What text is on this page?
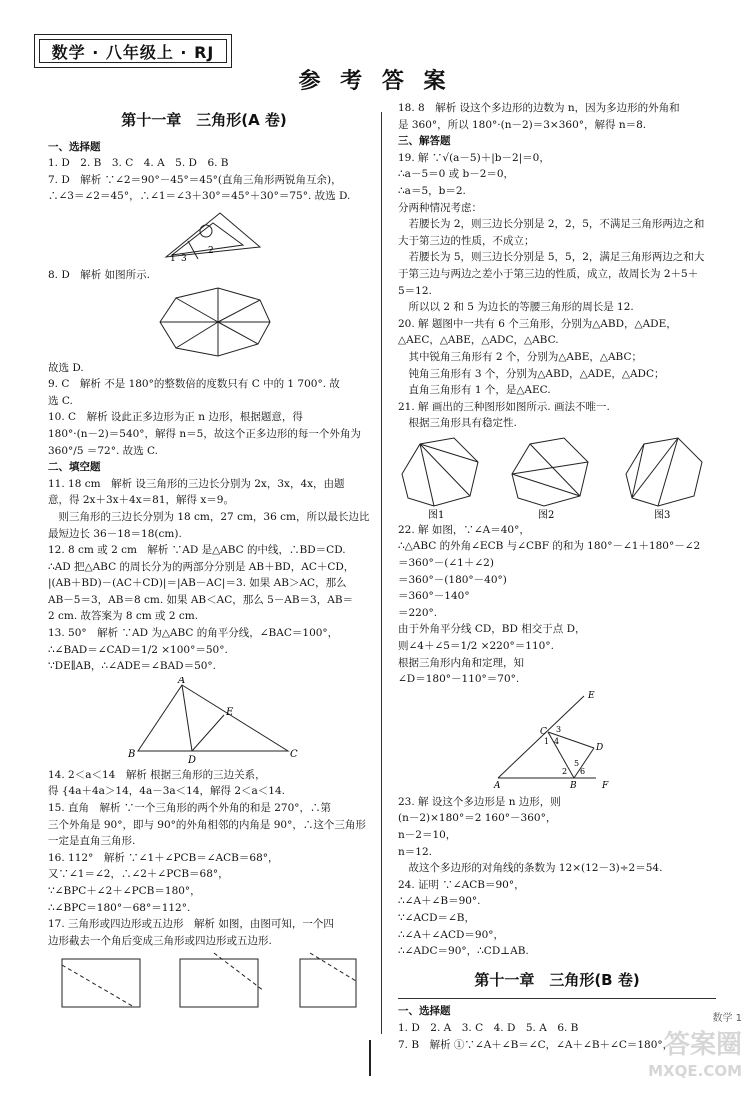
数学 · 八年级上 · RJ
参 考 答 案

第十一章　三角形(A 卷)

一、选择题

1. D　2. B　3. C　4. A　5. D　6. B

7. D　解析 ∵∠2＝90°－45°＝45°(直角三角形两锐角互余)，

∴∠3＝∠2＝45°，∴∠1＝∠3＋30°＝45°＋30°＝75°. 故选 D.

1 3
2

8. D　解析 如图所示.

故选 D.

9. C　解析 不是 180°的整数倍的度数只有 C 中的 1 700°. 故

选 C.

10. C　解析 设此正多边形为正 n 边形，根据题意，得

180°·(n－2)＝540°，解得 n＝5，故这个正多边形的每一个外角为

360°/5 ＝72°. 故选 C.

二、填空题

11. 18 cm　解析 设三角形的三边长分别为 2x，3x，4x，由题

意，得 2x＋3x＋4x＝81，解得 x＝9。

　则三角形的三边长分别为 18 cm，27 cm，36 cm，所以最长边比

最短边长 36－18＝18(cm).

12. 8 cm 或 2 cm　解析 ∵AD 是△ABC 的中线，∴BD＝CD.

∴AD 把△ABC 的周长分为的两部分分别是 AB＋BD，AC＋CD，

|(AB＋BD)－(AC＋CD)|＝|AB－AC|＝3. 如果 AB＞AC，那么

AB－5＝3，AB＝8 cm. 如果 AB＜AC，那么 5－AB＝3，AB＝

2 cm. 故答案为 8 cm 或 2 cm.

13. 50°　解析 ∵AD 为△ABC 的角平分线，∠BAC＝100°，

∴∠BAD＝∠CAD＝1/2 ×100°＝50°.

∵DE∥AB，∴∠ADE＝∠BAD＝50°.

A
E
B
D
C

14. 2＜a＜14　解析 根据三角形的三边关系，

得 {4a＋4a＞14，4a－3a＜14，解得 2＜a＜14.

15. 直角　解析 ∵一个三角形的两个外角的和是 270°，∴第

三个外角是 90°，即与 90°的外角相邻的内角是 90°，∴这个三角形

一定是直角三角形.

16. 112°　解析 ∵∠1＋∠PCB＝∠ACB＝68°，

又∵∠1＝∠2，∴∠2＋∠PCB＝68°，

∵∠BPC＋∠2＋∠PCB＝180°，

∴∠BPC＝180°－68°＝112°.

17. 三角形或四边形或五边形　解析 如图，由图可知，一个四

边形截去一个角后变成三角形或四边形或五边形.

18. 8　解析 设这个多边形的边数为 n，因为多边形的外角和

是 360°，所以 180°·(n－2)＝3×360°，解得 n＝8.

三、解答题

19. 解 ∵√(a－5)＋|b－2|＝0，

∴a－5＝0 或 b－2＝0，

∴a＝5，b＝2.

分两种情况考虑：

　若腰长为 2，则三边长分别是 2，2，5，不满足三角形两边之和

大于第三边的性质，不成立；

　若腰长为 5，则三边长分别是 5，5，2，满足三角形两边之和大

于第三边与两边之差小于第三边的性质，成立，故周长为 2＋5＋

5＝12.

　所以以 2 和 5 为边长的等腰三角形的周长是 12.

20. 解 题图中一共有 6 个三角形，分别为△ABD，△ADE，

△AEC，△ABE，△ADC，△ABC.

　其中锐角三角形有 2 个，分别为△ABE，△ABC；

　钝角三角形有 3 个，分别为△ABD，△ADE，△ADC；

　直角三角形有 1 个，是△AEC.

21. 解 画出的三种图形如图所示. 画法不唯一.

　根据三角形具有稳定性.

图1	图2	图3

22. 解 如图，∵∠A＝40°，

∴△ABC 的外角∠ECB 与∠CBF 的和为 180°－∠1＋180°－∠2

＝360°－(∠1＋∠2)

＝360°－(180°－40°)

＝360°－140°

＝220°.

由于外角平分线 CD，BD 相交于点 D，

则∠4＋∠5＝1/2 ×220°＝110°.

根据三角形内角和定理，知

∠D＝180°－110°＝70°.

E
C 3
1 4
D
5
2
B
6
A	F

23. 解 设这个多边形是 n 边形，则

(n－2)×180°＝2 160°－360°，

n－2＝10，

n＝12.

　故这个多边形的对角线的条数为 12×(12－3)÷2＝54.

24. 证明 ∵∠ACB＝90°，

∴∠A＋∠B＝90°.

∵∠ACD＝∠B，

∴∠A＋∠ACD＝90°，

∴∠ADC＝90°，∴CD⊥AB.

第十一章　三角形(B 卷)

一、选择题

1. D　2. A　3. C　4. D　5. A　6. B

7. B　解析 ①∵∠A＋∠B＝∠C，∠A＋∠B＋∠C＝180°，

数学 1
答案圈
MXQE.COM
